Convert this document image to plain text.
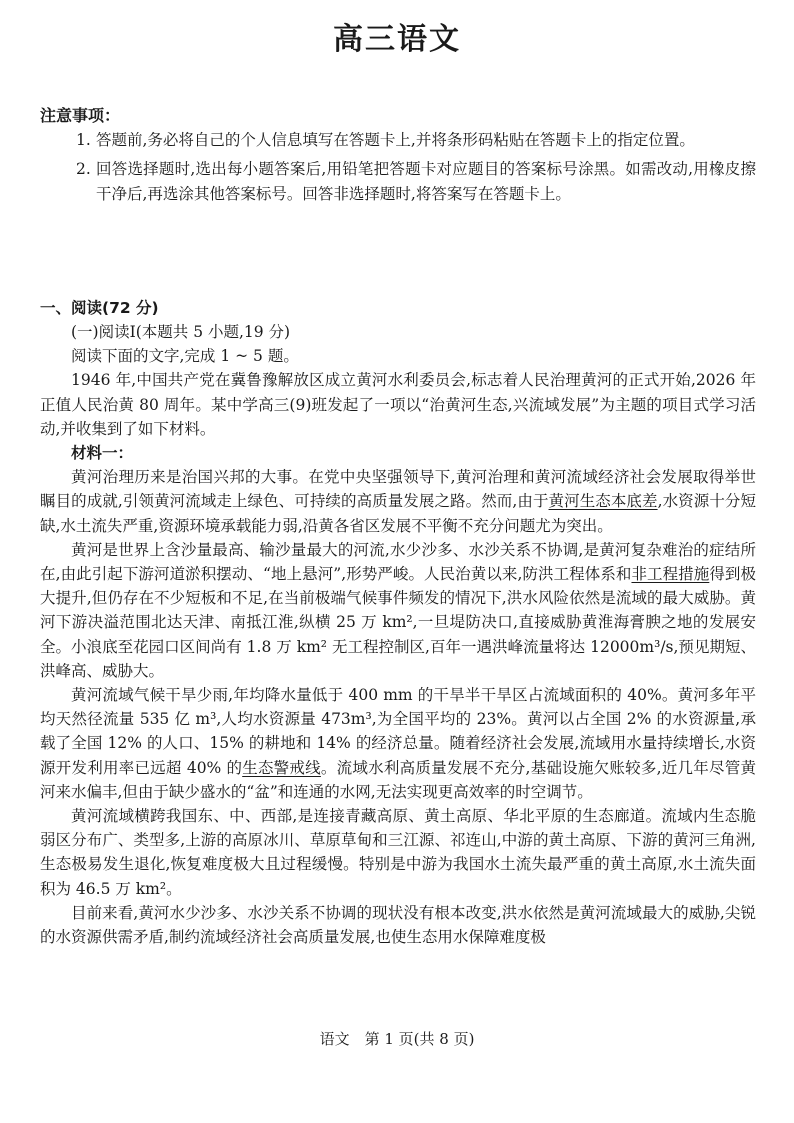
高三语文
注意事项：
1. 答题前,务必将自己的个人信息填写在答题卡上,并将条形码粘贴在答题卡上的指定位置。
2. 回答选择题时,选出每小题答案后,用铅笔把答题卡对应题目的答案标号涂黑。如需改动,用橡皮擦干净后,再选涂其他答案标号。回答非选择题时,将答案写在答题卡上。
一、阅读(72 分)

(一)阅读Ⅰ(本题共 5 小题,19 分)

阅读下面的文字,完成 1 ~ 5 题。

1946 年,中国共产党在冀鲁豫解放区成立黄河水利委员会,标志着人民治理黄河的正式开始,2026 年正值人民治黄 80 周年。某中学高三(9)班发起了一项以“治黄河生态,兴流域发展”为主题的项目式学习活动,并收集到了如下材料。

材料一：

黄河治理历来是治国兴邦的大事。在党中央坚强领导下,黄河治理和黄河流域经济社会发展取得举世瞩目的成就,引领黄河流域走上绿色、可持续的高质量发展之路。然而,由于黄河生态本底差,水资源十分短缺,水土流失严重,资源环境承载能力弱,沿黄各省区发展不平衡不充分问题尤为突出。

黄河是世界上含沙量最高、输沙量最大的河流,水少沙多、水沙关系不协调,是黄河复杂难治的症结所在,由此引起下游河道淤积摆动、“地上悬河”,形势严峻。人民治黄以来,防洪工程体系和非工程措施得到极大提升,但仍存在不少短板和不足,在当前极端气候事件频发的情况下,洪水风险依然是流域的最大威胁。黄河下游决溢范围北达天津、南抵江淮,纵横 25 万 km²,一旦堤防决口,直接威胁黄淮海膏腴之地的发展安全。小浪底至花园口区间尚有 1.8 万 km² 无工程控制区,百年一遇洪峰流量将达 12000m³/s,预见期短、洪峰高、威胁大。

黄河流域气候干旱少雨,年均降水量低于 400 mm 的干旱半干旱区占流域面积的 40%。黄河多年平均天然径流量 535 亿 m³,人均水资源量 473m³,为全国平均的 23%。黄河以占全国 2% 的水资源量,承载了全国 12% 的人口、15% 的耕地和 14% 的经济总量。随着经济社会发展,流域用水量持续增长,水资源开发利用率已远超 40% 的生态警戒线。流域水利高质量发展不充分,基础设施欠账较多,近几年尽管黄河来水偏丰,但由于缺少盛水的“盆”和连通的水网,无法实现更高效率的时空调节。

黄河流域横跨我国东、中、西部,是连接青藏高原、黄土高原、华北平原的生态廊道。流域内生态脆弱区分布广、类型多,上游的高原冰川、草原草甸和三江源、祁连山,中游的黄土高原、下游的黄河三角洲,生态极易发生退化,恢复难度极大且过程缓慢。特别是中游为我国水土流失最严重的黄土高原,水土流失面积为 46.5 万 km²。

目前来看,黄河水少沙多、水沙关系不协调的现状没有根本改变,洪水依然是黄河流域最大的威胁,尖锐的水资源供需矛盾,制约流域经济社会高质量发展,也使生态用水保障难度极

语文　第 1 页(共 8 页)
